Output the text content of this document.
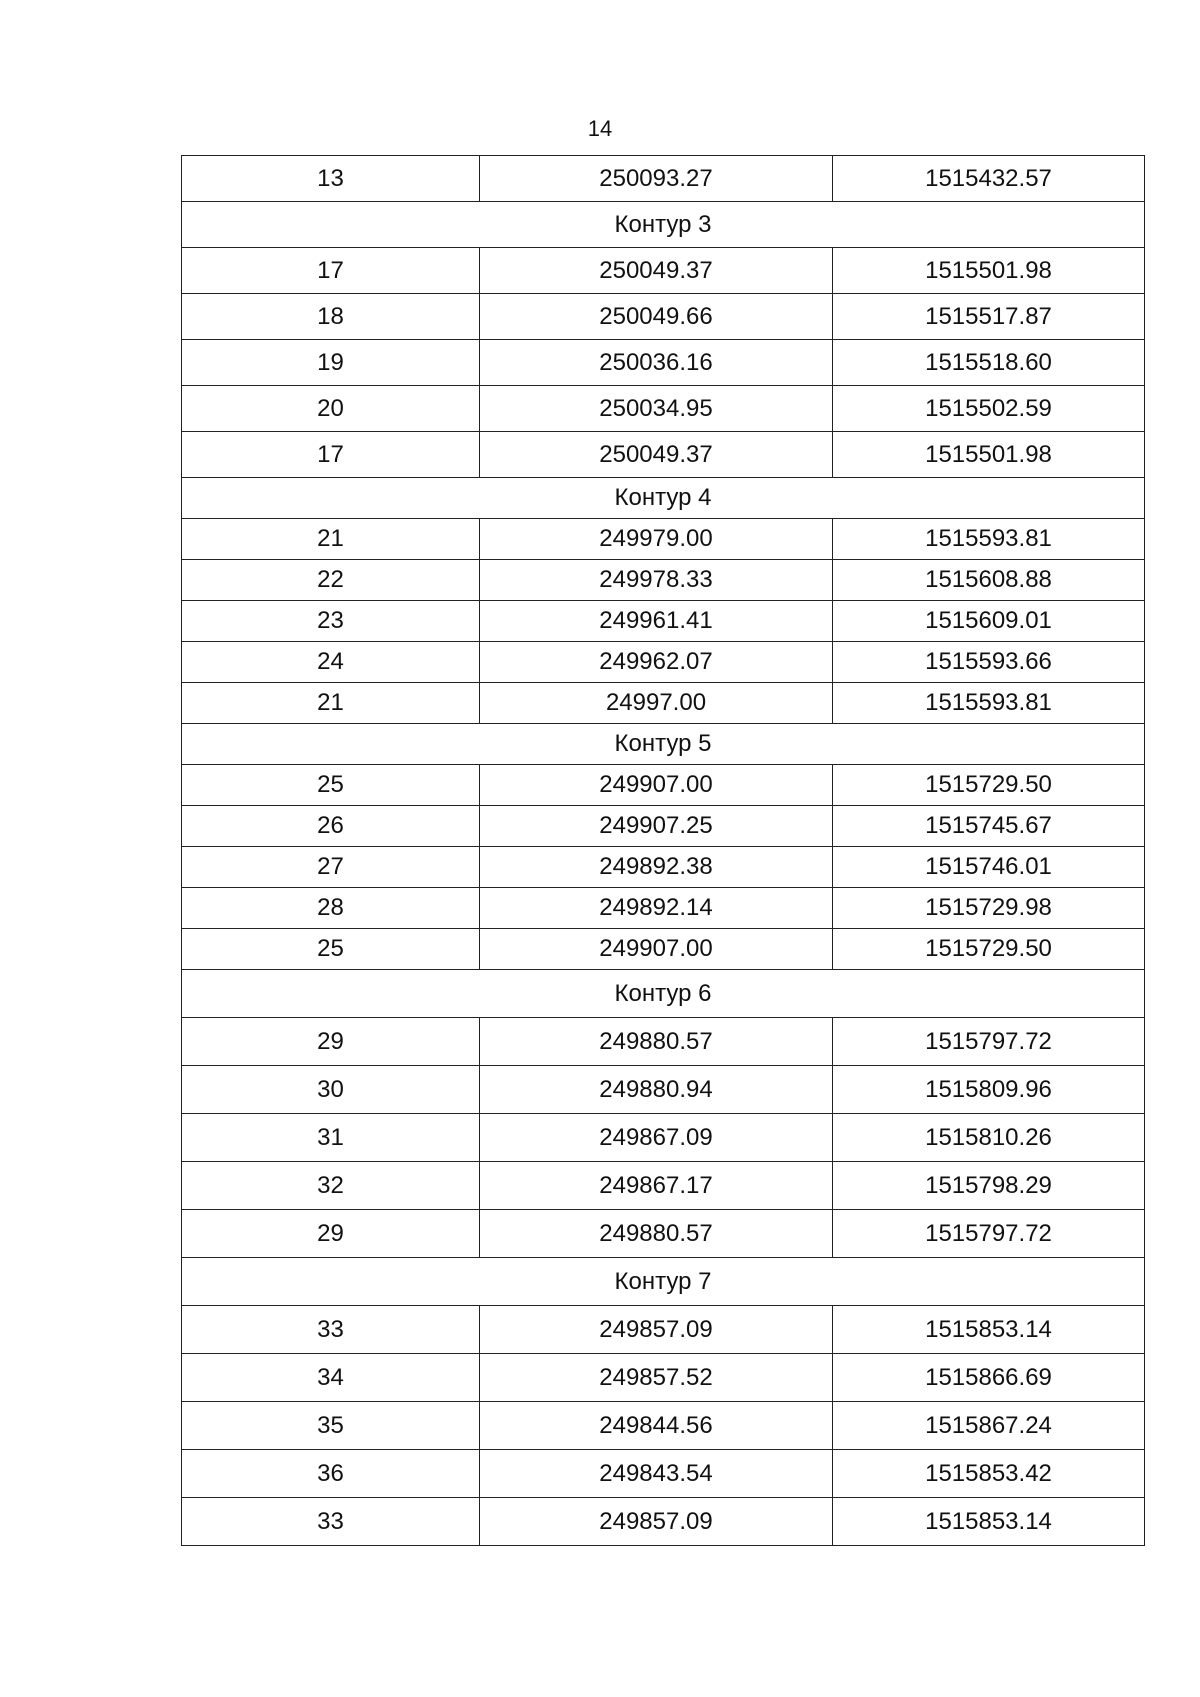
14
13	250093.27	1515432.57
Контур 3		
17	250049.37	1515501.98
18	250049.66	1515517.87
19	250036.16	1515518.60
20	250034.95	1515502.59
17	250049.37	1515501.98
Контур 4		
21	249979.00	1515593.81
22	249978.33	1515608.88
23	249961.41	1515609.01
24	249962.07	1515593.66
21	24997.00	1515593.81
Контур 5		
25	249907.00	1515729.50
26	249907.25	1515745.67
27	249892.38	1515746.01
28	249892.14	1515729.98
25	249907.00	1515729.50
Контур 6		
29	249880.57	1515797.72
30	249880.94	1515809.96
31	249867.09	1515810.26
32	249867.17	1515798.29
29	249880.57	1515797.72
Контур 7		
33	249857.09	1515853.14
34	249857.52	1515866.69
35	249844.56	1515867.24
36	249843.54	1515853.42
33	249857.09	1515853.14
